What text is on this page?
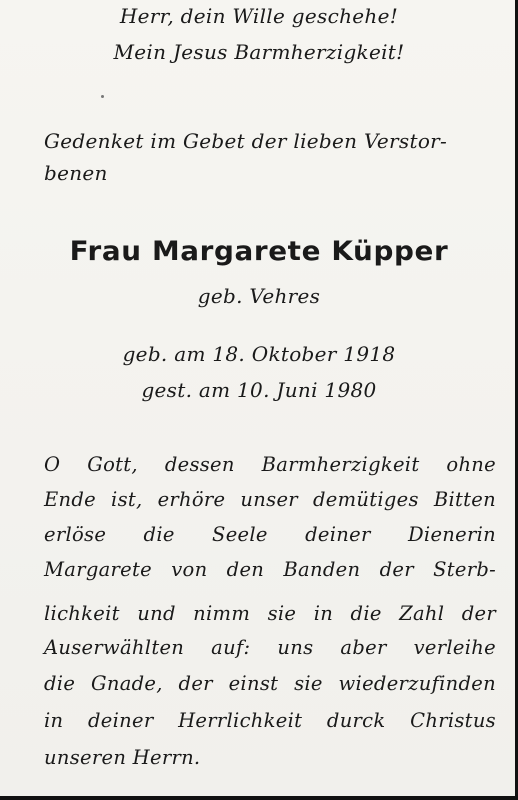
Herr, dein Wille geschehe!
Mein Jesus Barmherzigkeit!
Gedenket im Gebet der lieben Verstor-
benen
Frau Margarete Küpper
geb. Vehres
geb. am 18. Oktober 1918
gest. am 10. Juni 1980
O Gott, dessen Barmherzigkeit ohne
Ende ist, erhöre unser demütiges Bitten
erlöse die Seele deiner Dienerin
Margarete von den Banden der Sterb-
lichkeit und nimm sie in die Zahl der
Auserwählten auf: uns aber verleihe
die Gnade, der einst sie wiederzufinden
in deiner Herrlichkeit durck Christus
unseren Herrn.
